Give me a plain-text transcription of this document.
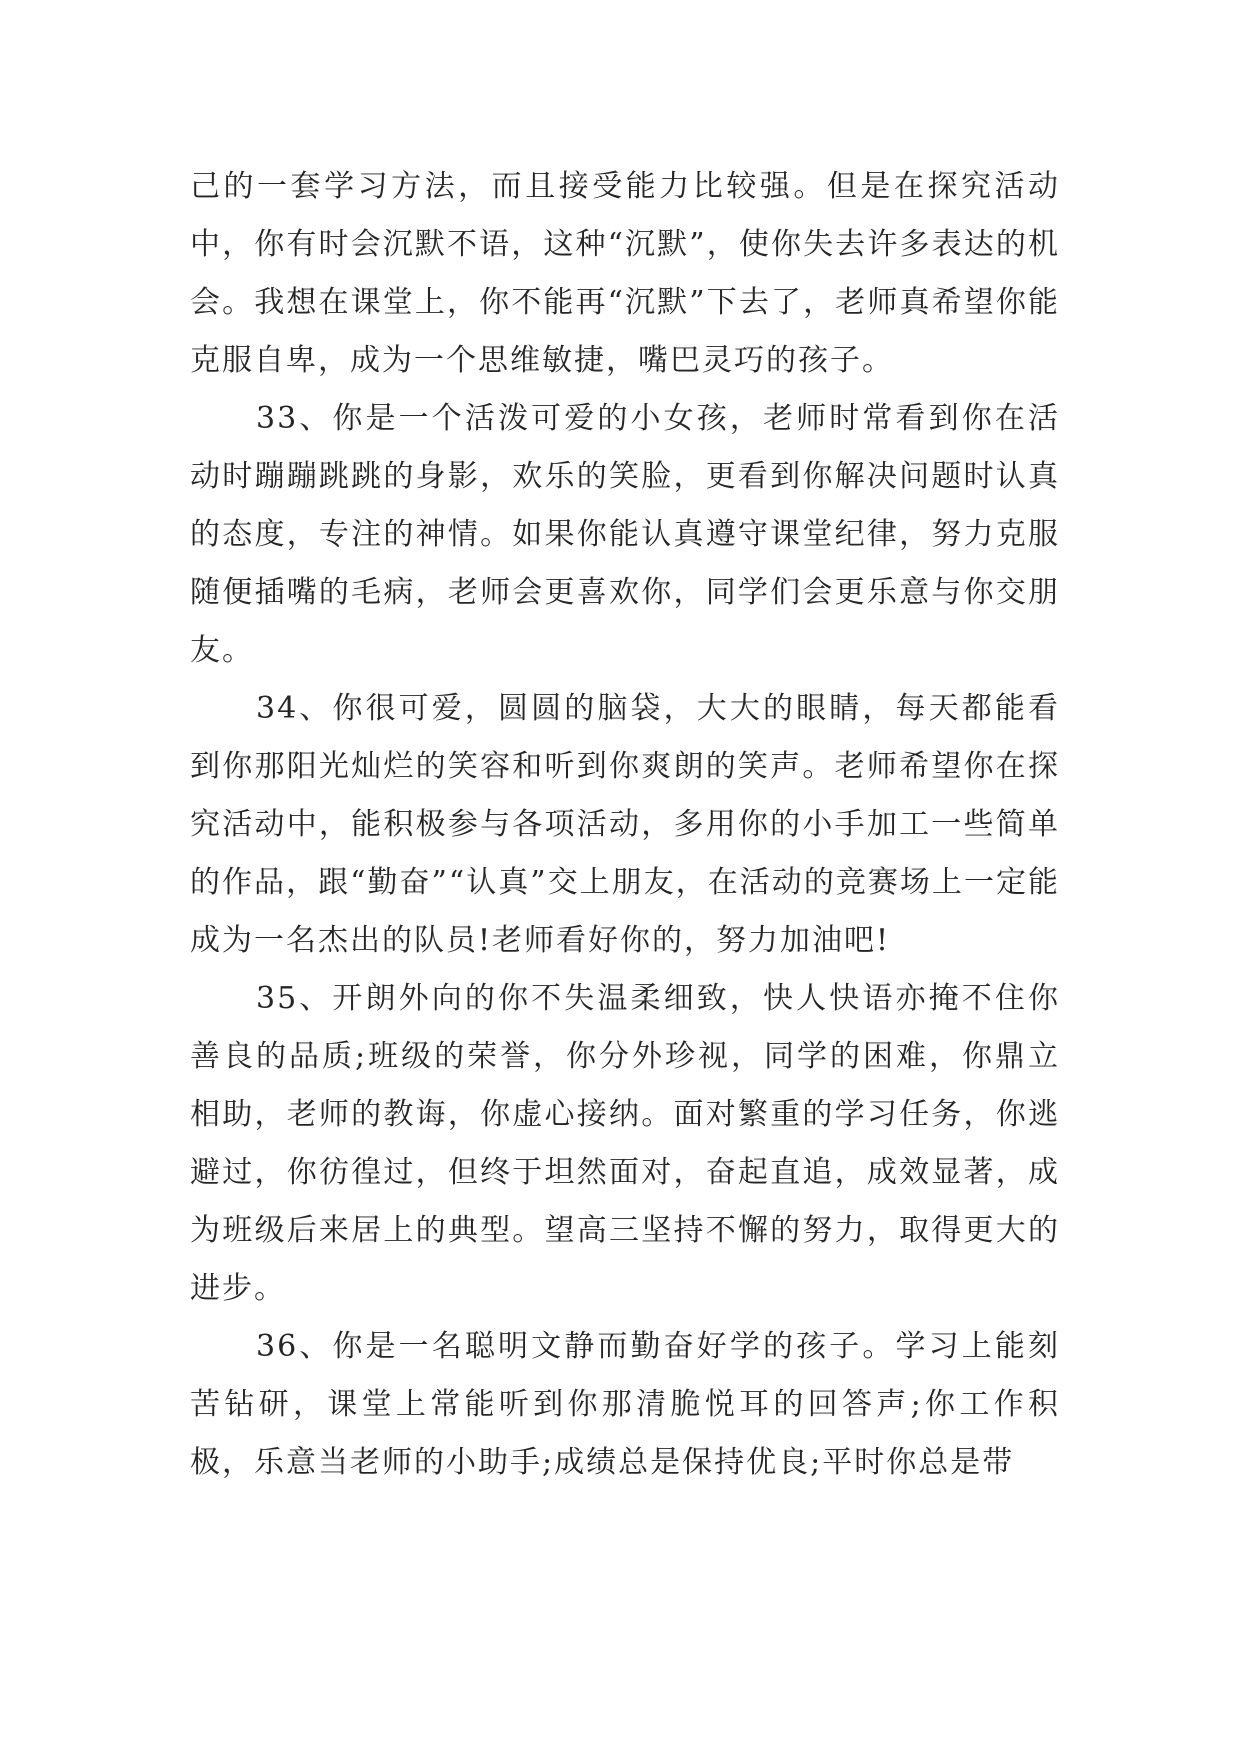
己的一套学习方法，而且接受能力比较强。但是在探究活动中，你有时会沉默不语，这种“沉默”，使你失去许多表达的机会。我想在课堂上，你不能再“沉默”下去了，老师真希望你能克服自卑，成为一个思维敏捷，嘴巴灵巧的孩子。

33、你是一个活泼可爱的小女孩，老师时常看到你在活动时蹦蹦跳跳的身影，欢乐的笑脸，更看到你解决问题时认真的态度，专注的神情。如果你能认真遵守课堂纪律，努力克服随便插嘴的毛病，老师会更喜欢你，同学们会更乐意与你交朋友。

34、你很可爱，圆圆的脑袋，大大的眼睛，每天都能看到你那阳光灿烂的笑容和听到你爽朗的笑声。老师希望你在探究活动中，能积极参与各项活动，多用你的小手加工一些简单的作品，跟“勤奋”“认真”交上朋友，在活动的竞赛场上一定能成为一名杰出的队员!老师看好你的，努力加油吧!

35、开朗外向的你不失温柔细致，快人快语亦掩不住你善良的品质;班级的荣誉，你分外珍视，同学的困难，你鼎立相助，老师的教诲，你虚心接纳。面对繁重的学习任务，你逃避过，你彷徨过，但终于坦然面对，奋起直追，成效显著，成为班级后来居上的典型。望高三坚持不懈的努力，取得更大的进步。

36、你是一名聪明文静而勤奋好学的孩子。学习上能刻苦钻研，课堂上常能听到你那清脆悦耳的回答声;你工作积极，乐意当老师的小助手;成绩总是保持优良;平时你总是带
